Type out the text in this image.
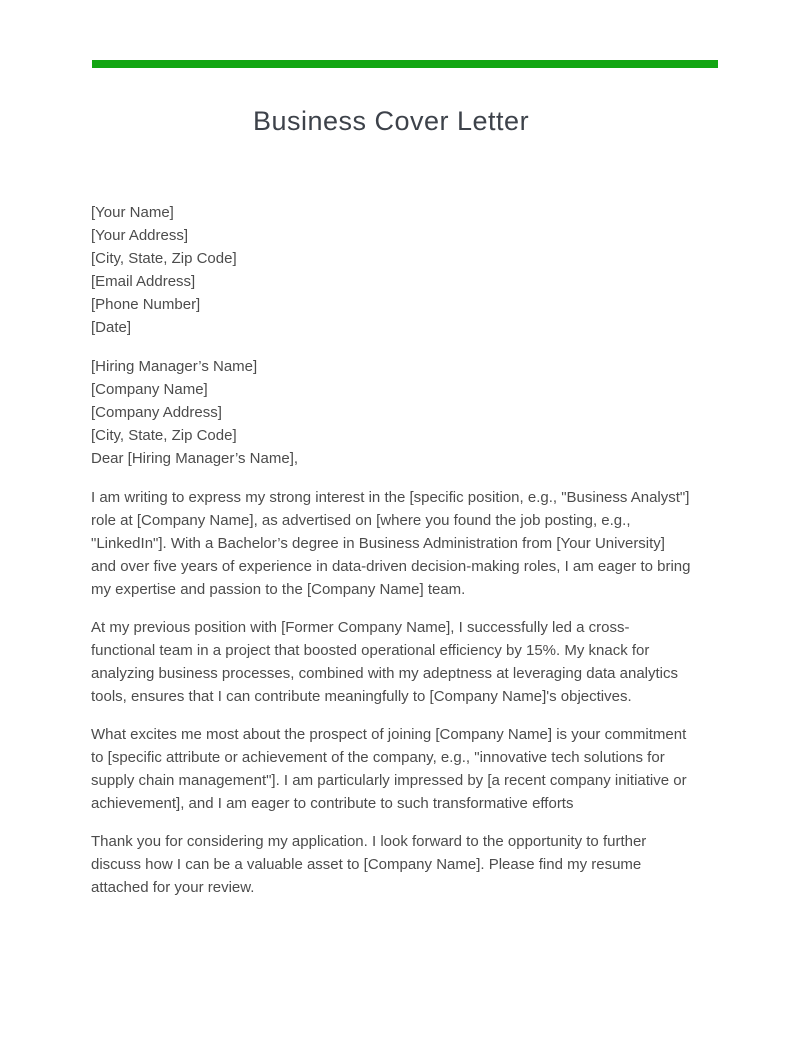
Business Cover Letter

[Your Name]

[Your Address]

[City, State, Zip Code]

[Email Address]

[Phone Number]

[Date]

[Hiring Manager’s Name]

[Company Name]

[Company Address]

[City, State, Zip Code]

Dear [Hiring Manager’s Name],

I am writing to express my strong interest in the [specific position, e.g., "Business Analyst"] role at [Company Name], as advertised on [where you found the job posting, e.g., "LinkedIn"]. With a Bachelor’s degree in Business Administration from [Your University] and over five years of experience in data-driven decision-making roles, I am eager to bring my expertise and passion to the [Company Name] team.

At my previous position with [Former Company Name], I successfully led a cross-functional team in a project that boosted operational efficiency by 15%. My knack for analyzing business processes, combined with my adeptness at leveraging data analytics tools, ensures that I can contribute meaningfully to [Company Name]'s objectives.

What excites me most about the prospect of joining [Company Name] is your commitment to [specific attribute or achievement of the company, e.g., "innovative tech solutions for supply chain management"]. I am particularly impressed by [a recent company initiative or achievement], and I am eager to contribute to such transformative efforts

Thank you for considering my application. I look forward to the opportunity to further discuss how I can be a valuable asset to [Company Name]. Please find my resume attached for your review.
